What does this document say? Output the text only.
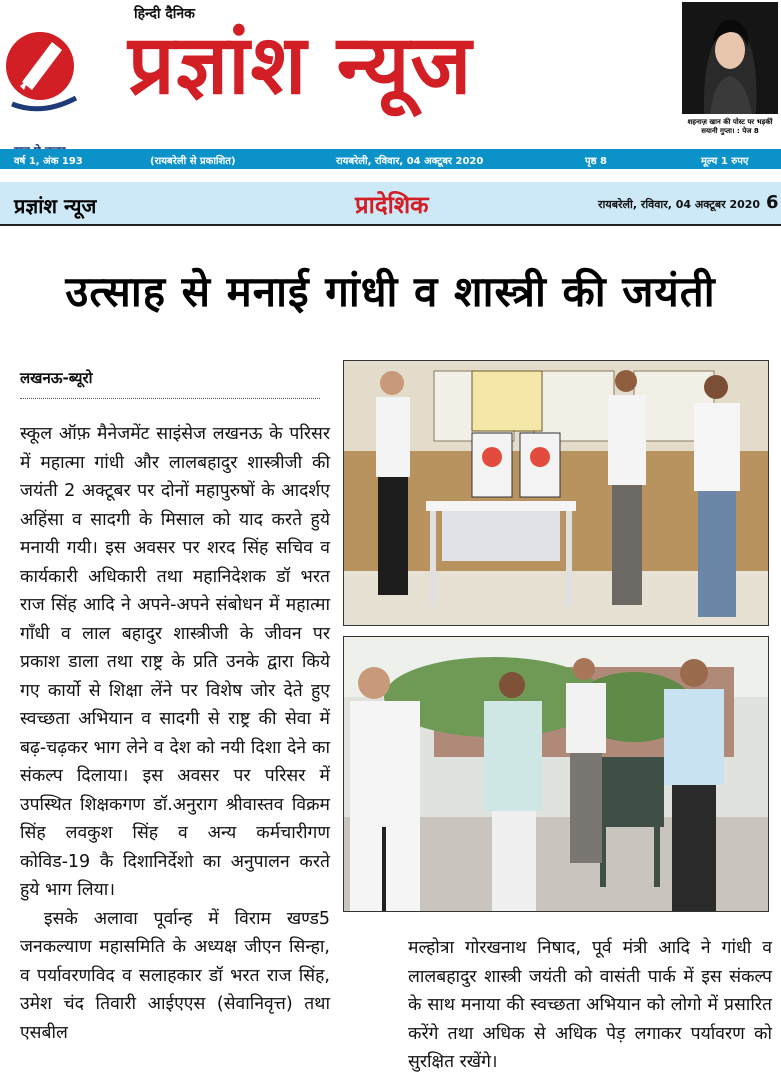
हिन्दी दैनिक
प्रज्ञांश न्यूज
शहनाज़ खान की पोस्ट पर भड़कीं सयानी गुप्ता। : पेज 8
वर्ष 1, अंक 193	(रायबरेली से प्रकाशित)	रायबरेली, रविवार, 04 अक्टूबर 2020	पृष्ठ 8	मूल्य 1 रुपए
प्रज्ञांश न्यूज	प्रादेशिक	रायबरेली, रविवार, 04 अक्टूबर 2020 6
उत्साह से मनाई गांधी व शास्त्री की जयंती
लखनऊ-ब्यूरो

स्कूल ऑफ़ मैनेजमेंट साइंसेज लखनऊ के परिसर में महात्मा गांधी और लालबहादुर शास्त्रीजी की जयंती 2 अक्टूबर पर दोनों महापुरुषों के आदर्शए अहिंसा व सादगी के मिसाल को याद करते हुये मनायी गयी। इस अवसर पर शरद सिंह सचिव व कार्यकारी अधिकारी तथा महानिदेशक डॉ भरत राज सिंह आदि ने अपने-अपने संबोधन में महात्मा गाँधी व लाल बहादुर शास्त्रीजी के जीवन पर प्रकाश डाला तथा राष्ट्र के प्रति उनके द्वारा किये गए कार्यो से शिक्षा लेंने पर विशेष जोर देते हुए स्वच्छता अभियान व सादगी से राष्ट्र की सेवा में बढ़-चढ़कर भाग लेने व देश को नयी दिशा देने का संकल्प दिलाया। इस अवसर पर परिसर में उपस्थित शिक्षकगण डॉ.अनुराग श्रीवास्तव विक्रम सिंह लवकुश सिंह व अन्य कर्मचारीगण कोविड-19 कै दिशानिर्देशो का अनुपालन करते हुये भाग लिया।

इसके अलावा पूर्वान्ह में विराम खण्ड5 जनकल्याण महासमिति के अध्यक्ष जीएन सिन्हा, व पर्यावरणविद व सलाहकार डॉ भरत राज सिंह, उमेश चंद तिवारी आईएएस (सेवानिवृत्त) तथा एसबील

मल्होत्रा गोरखनाथ निषाद, पूर्व मंत्री आदि ने गांधी व लालबहादुर शास्त्री जयंती को वासंती पार्क में इस संकल्प के साथ मनाया की स्वच्छता अभियान को लोगो में प्रसारित करेंगे तथा अधिक से अधिक पेड़ लगाकर पर्यावरण को सुरक्षित रखेंगे।
